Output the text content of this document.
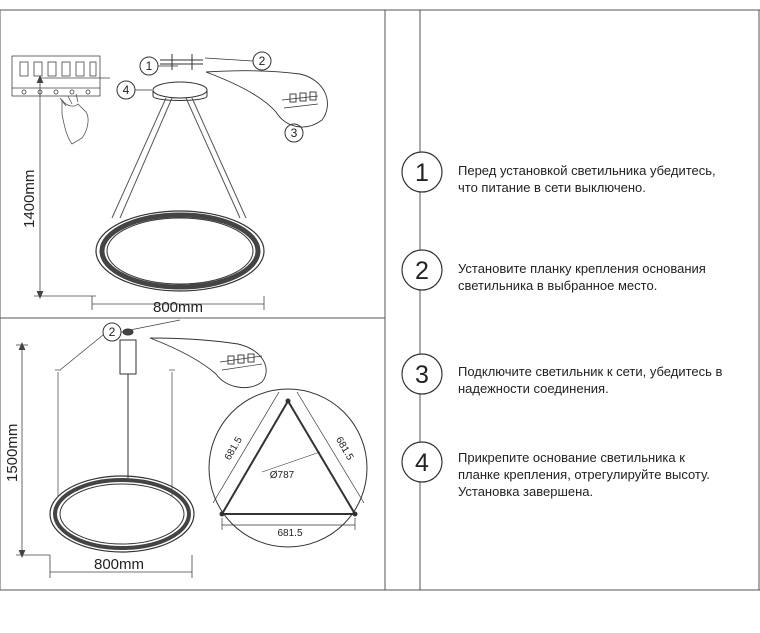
1	2
4
3
1400mm
800mm
2
1500mm
800mm
681.5	681.5
681.5
Ø787
1
2
3
4
Перед установкой светильника убедитесь,
что питание в сети выключено.
Установите планку крепления основания
светильника в выбранное место.
Подключите светильник к сети, убедитесь в
надежности соединения.
Прикрепите основание светильника к
планке крепления, отрегулируйте высоту.
Установка завершена.
